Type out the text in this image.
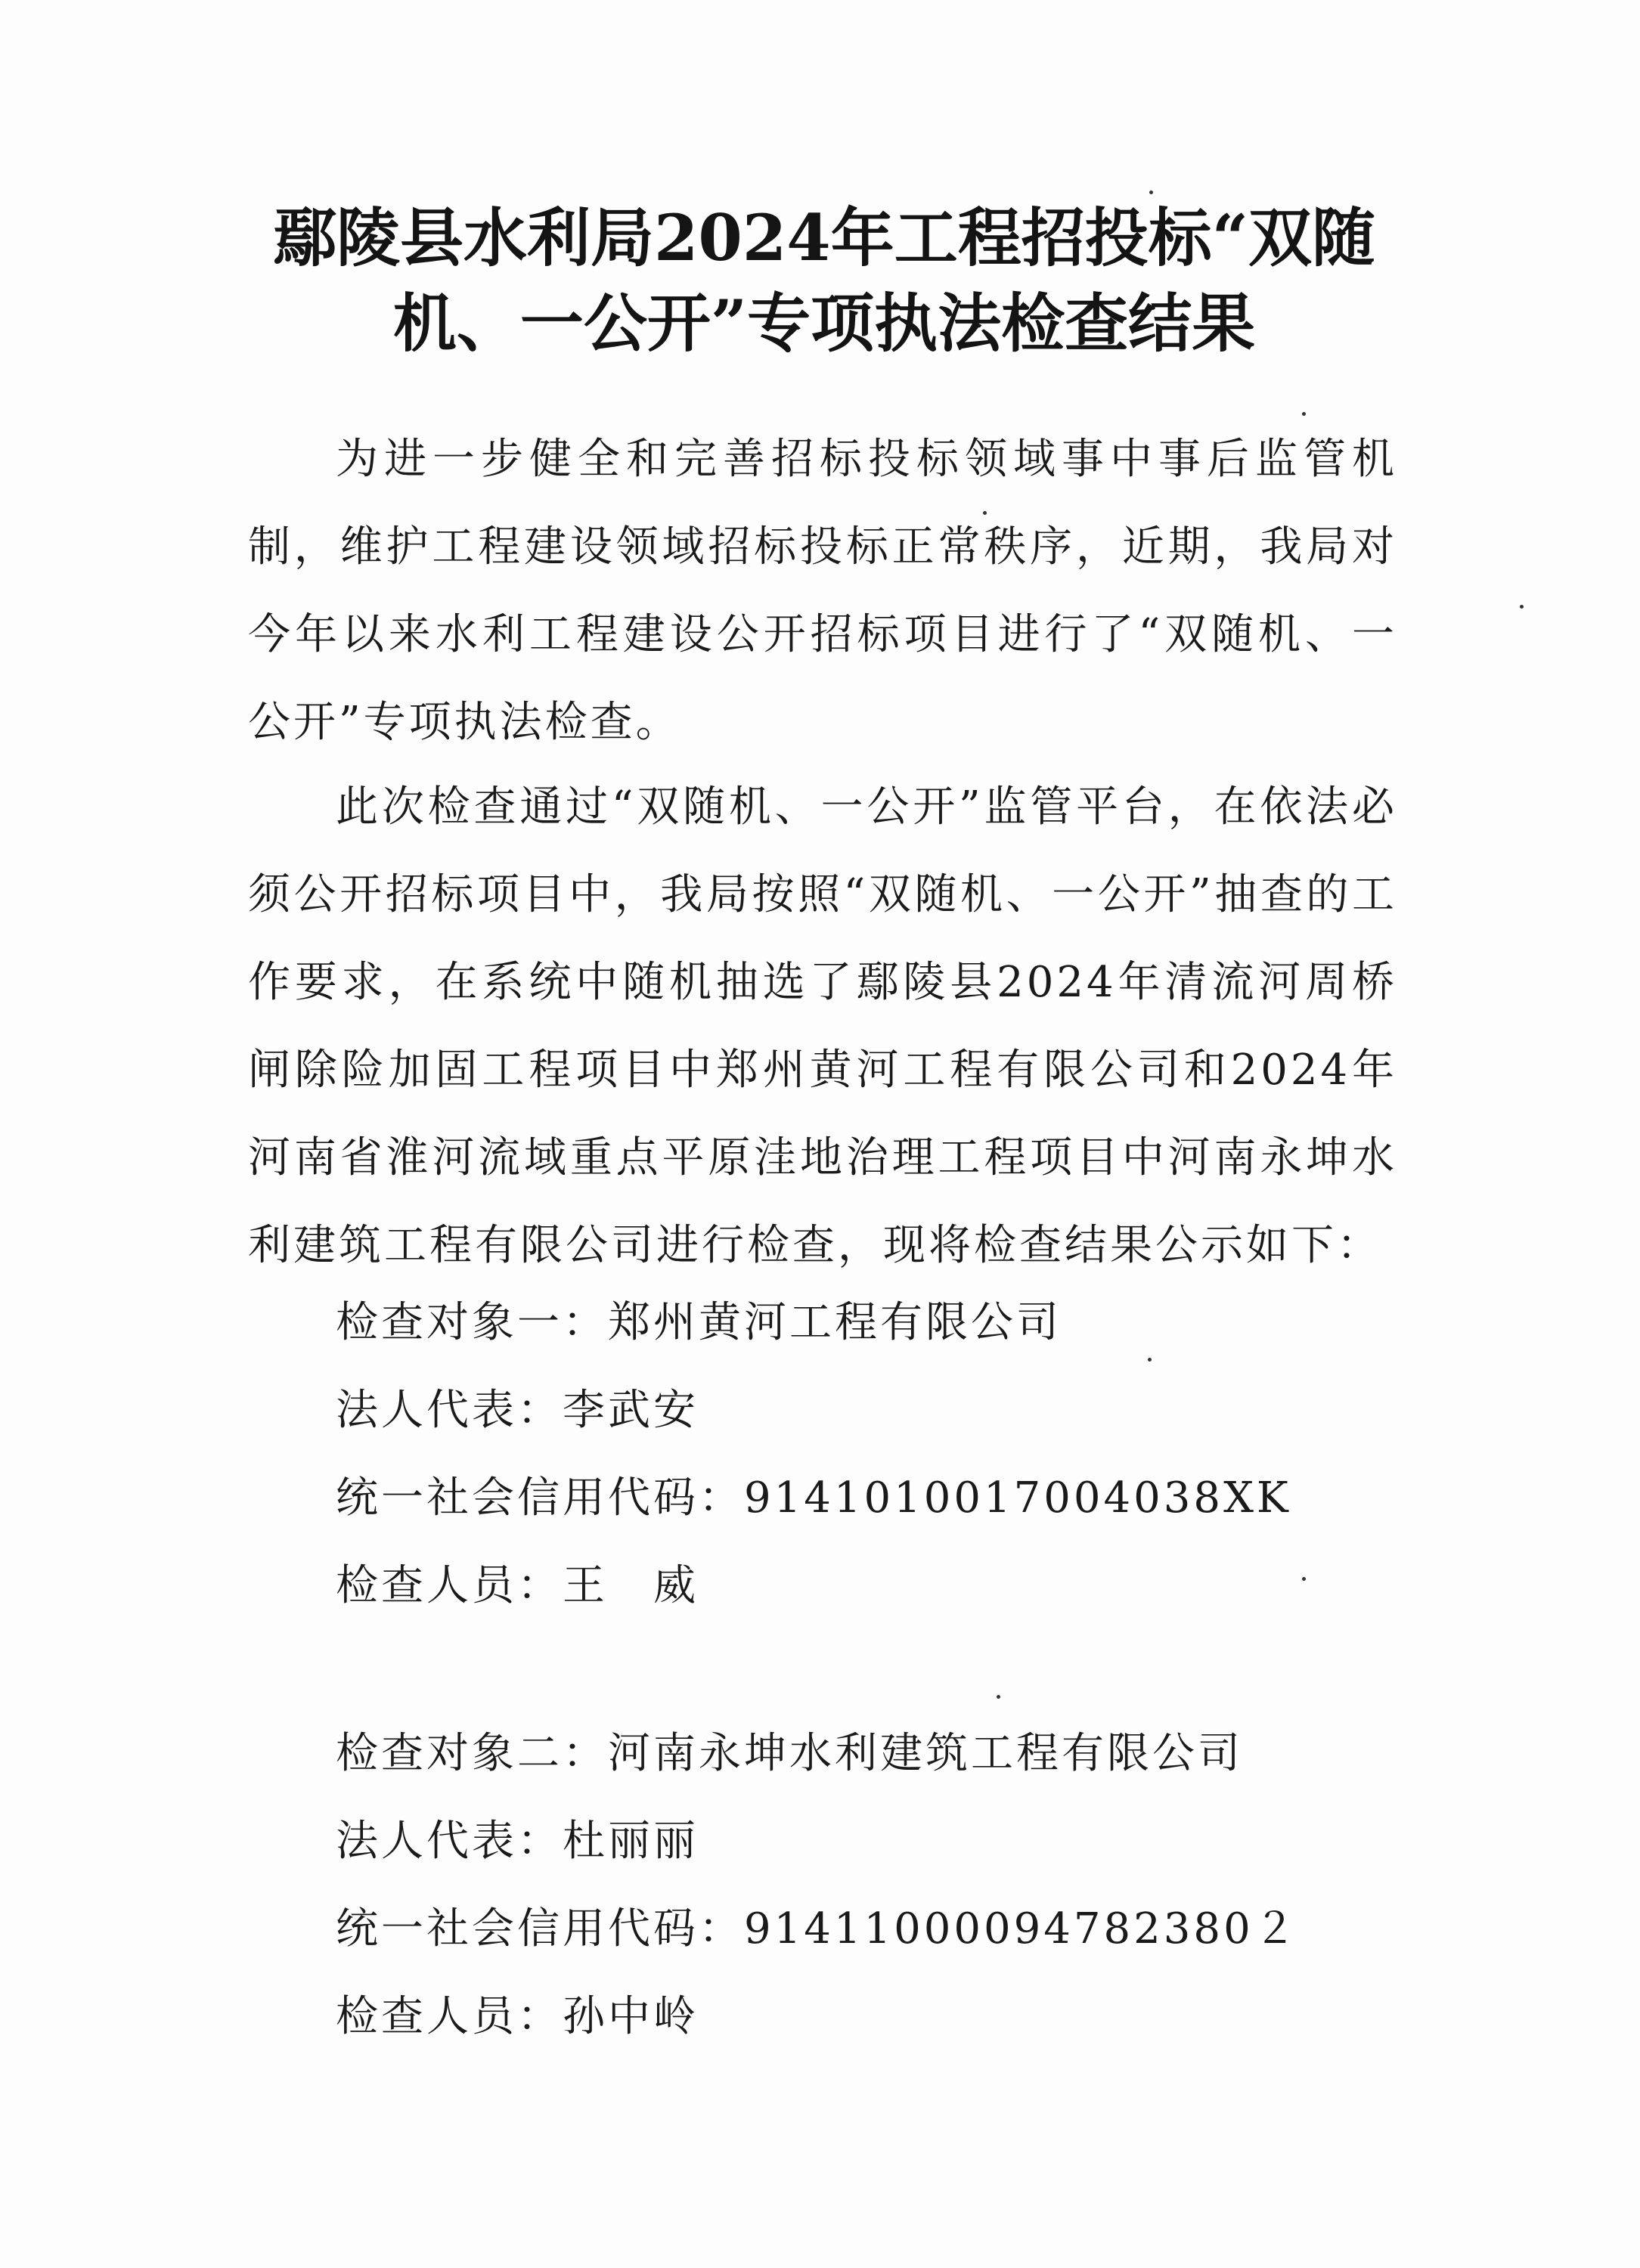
鄢陵县水利局2024年工程招投标“双随
机、一公开”专项执法检查结果

为进一步健全和完善招标投标领域事中事后监管机制，维护工程建设领域招标投标正常秩序，近期，我局对今年以来水利工程建设公开招标项目进行了“双随机、一公开”专项执法检查。

此次检查通过“双随机、一公开”监管平台，在依法必须公开招标项目中，我局按照“双随机、一公开”抽查的工作要求，在系统中随机抽选了鄢陵县2024年清流河周桥闸除险加固工程项目中郑州黄河工程有限公司和2024年河南省淮河流域重点平原洼地治理工程项目中河南永坤水利建筑工程有限公司进行检查，现将检查结果公示如下：

检查对象一：郑州黄河工程有限公司
法人代表：李武安
统一社会信用代码：9141010017004038XK
检查人员：王　威
检查对象二：河南永坤水利建筑工程有限公司
法人代表：杜丽丽
统一社会信用代码：91411000094782380２
检查人员：孙中岭
